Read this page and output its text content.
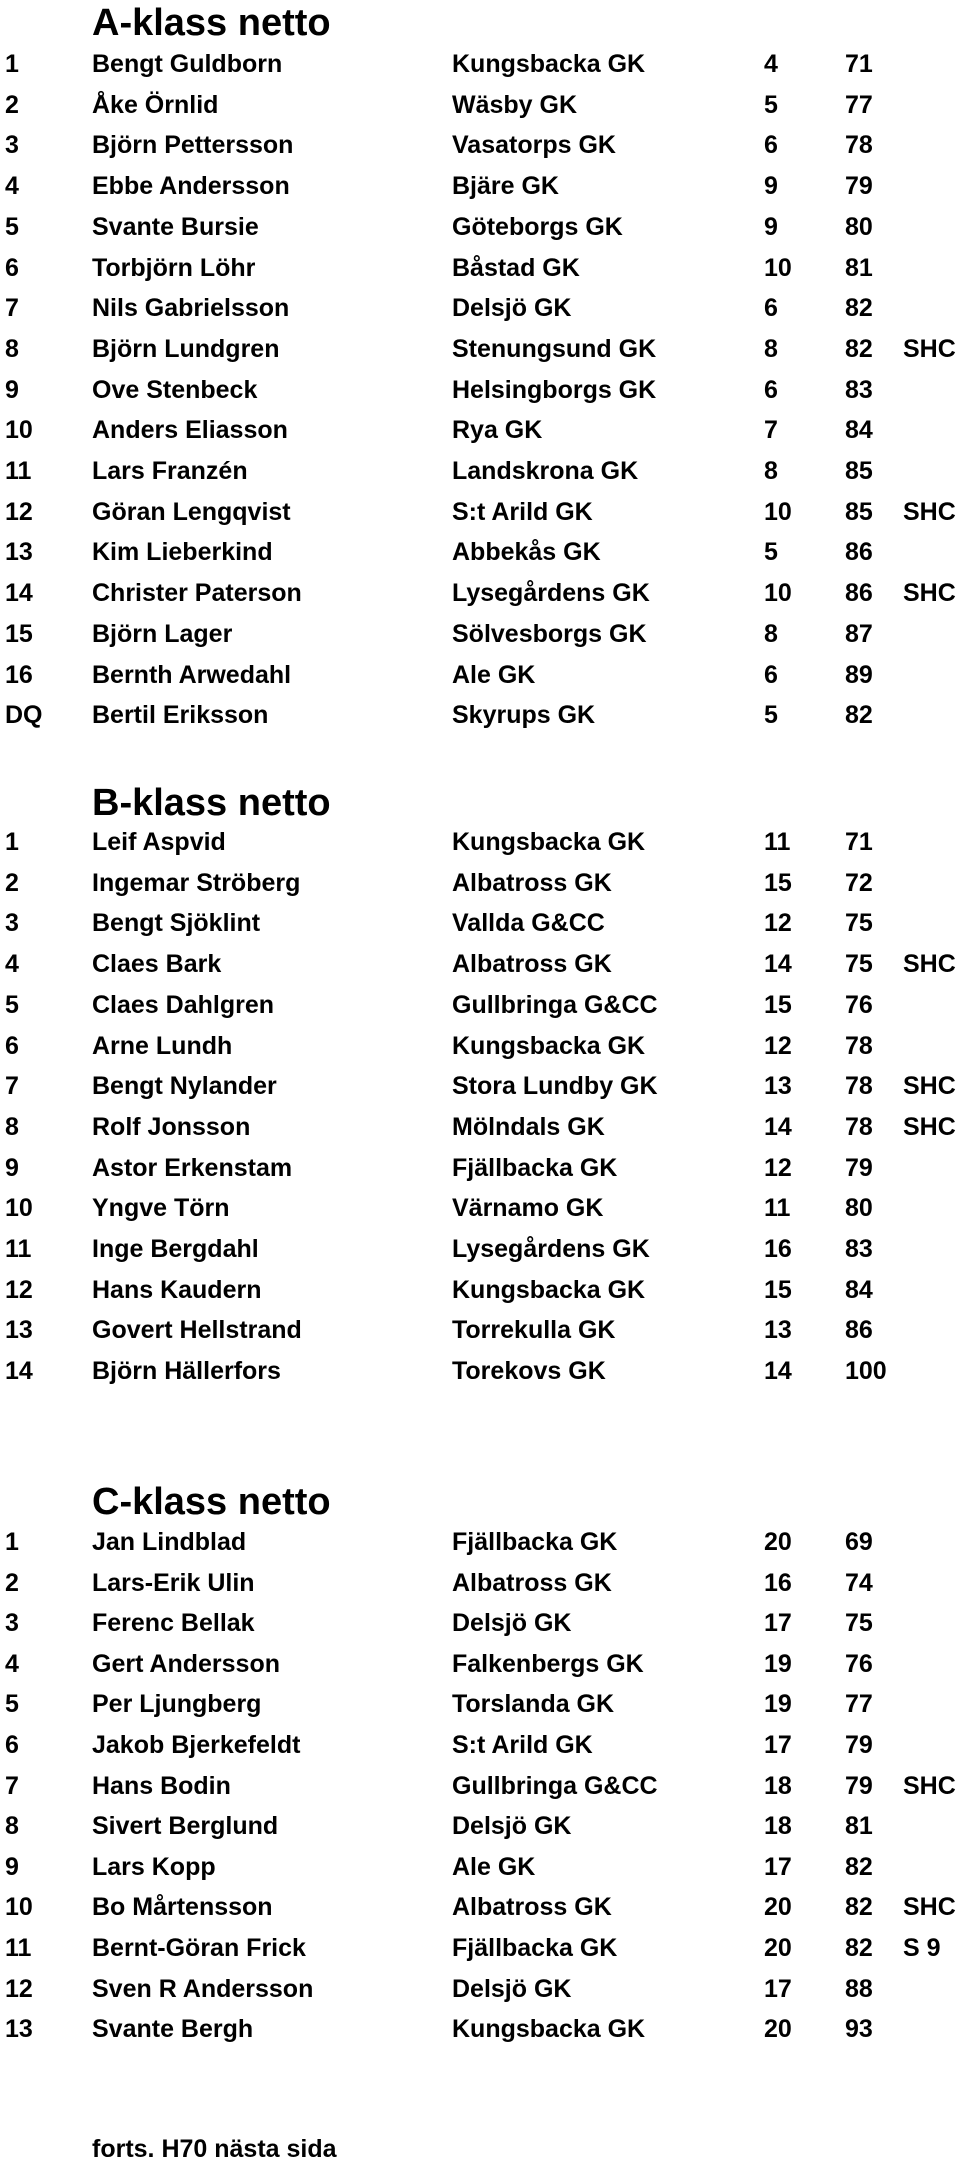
A-klass netto
1	Bengt Guldborn	Kungsbacka GK	4	71
2	Åke Örnlid	Wäsby GK	5	77
3	Björn Pettersson	Vasatorps GK	6	78
4	Ebbe Andersson	Bjäre GK	9	79
5	Svante Bursie	Göteborgs GK	9	80
6	Torbjörn Löhr	Båstad GK	10 81
7	Nils Gabrielsson	Delsjö GK	6	82
8	Björn Lundgren	Stenungsund GK	8	82 SHC
9	Ove Stenbeck	Helsingborgs GK	6	83
10 Anders Eliasson	Rya GK	7	84
11 Lars Franzén	Landskrona GK	8	85
12 Göran Lengqvist	S:t Arild GK	10 85 SHC
13 Kim Lieberkind	Abbekås GK	5	86
14 Christer Paterson	Lysegårdens GK	10 86 SHC
15 Björn Lager	Sölvesborgs GK	8	87
16 Bernth Arwedahl	Ale GK	6	89
DQ Bertil Eriksson	Skyrups GK	5	82
B-klass netto
1	Leif Aspvid	Kungsbacka GK	11 71
2	Ingemar Ströberg	Albatross GK	15 72
3	Bengt Sjöklint	Vallda G&CC	12 75
4	Claes Bark	Albatross GK	14 75 SHC
5	Claes Dahlgren	Gullbringa G&CC	15 76
6	Arne Lundh	Kungsbacka GK	12 78
7	Bengt Nylander	Stora Lundby GK	13 78 SHC
8	Rolf Jonsson	Mölndals GK	14 78 SHC
9	Astor Erkenstam	Fjällbacka GK	12 79
10 Yngve Törn	Värnamo GK	11 80
11 Inge Bergdahl	Lysegårdens GK	16 83
12 Hans Kaudern	Kungsbacka GK	15 84
13 Govert Hellstrand	Torrekulla GK	13 86
14 Björn Hällerfors	Torekovs GK	14 100
C-klass netto
1	Jan Lindblad	Fjällbacka GK	20 69
2	Lars-Erik Ulin	Albatross GK	16 74
3	Ferenc Bellak	Delsjö GK	17 75
4	Gert Andersson	Falkenbergs GK	19 76
5	Per Ljungberg	Torslanda GK	19 77
6	Jakob Bjerkefeldt	S:t Arild GK	17 79
7	Hans Bodin	Gullbringa G&CC	18 79 SHC
8	Sivert Berglund	Delsjö GK	18 81
9	Lars Kopp	Ale GK	17 82
10 Bo Mårtensson	Albatross GK	20 82 SHC
11 Bernt-Göran Frick	Fjällbacka GK	20 82 S 9
12 Sven R Andersson	Delsjö GK	17 88
13 Svante Bergh	Kungsbacka GK	20 93
forts. H70 nästa sida
